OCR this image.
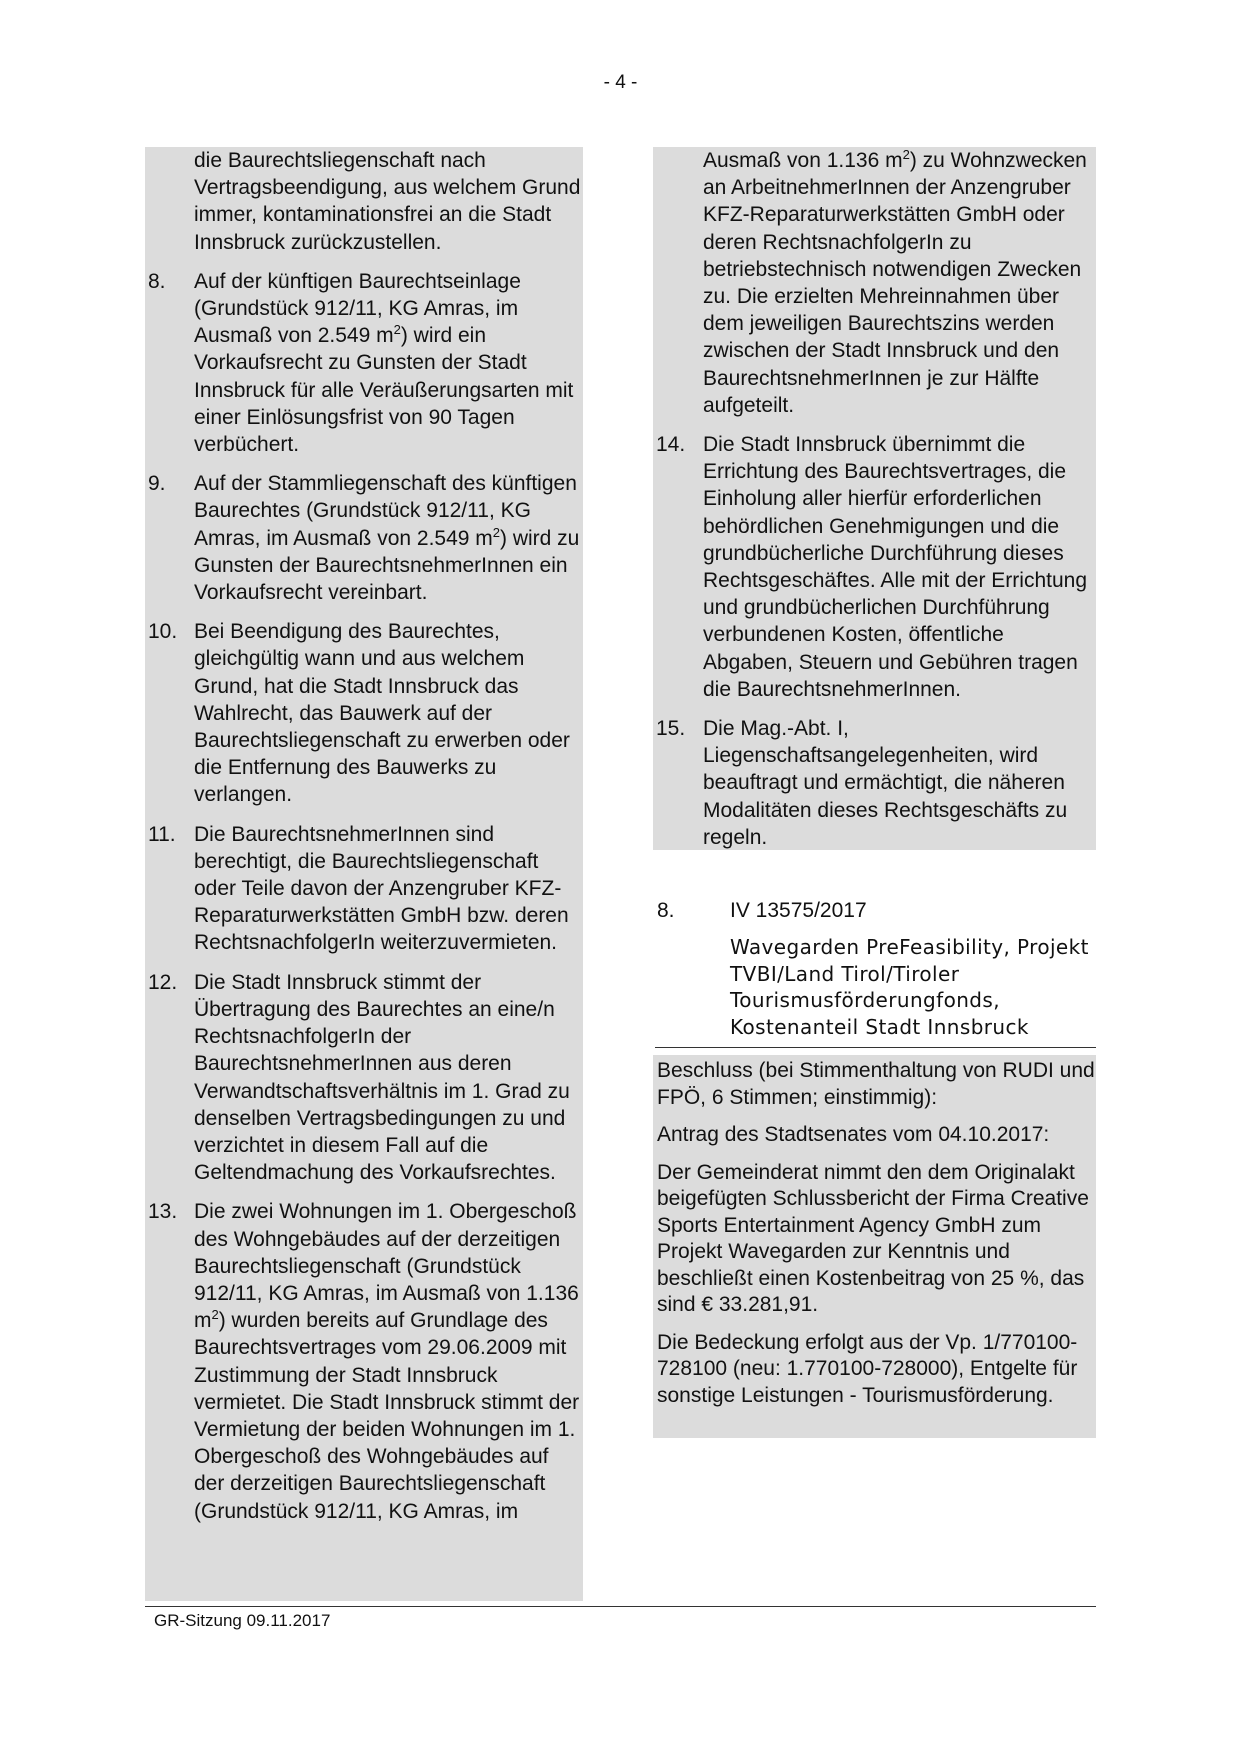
- 4 -
die Baurechtsliegenschaft nach Vertragsbeendigung, aus welchem Grund immer, kontaminationsfrei an die Stadt Innsbruck zurückzustellen.
8. Auf der künftigen Baurechtseinlage (Grundstück 912/11, KG Amras, im Ausmaß von 2.549 $m^2$) wird ein Vorkaufsrecht zu Gunsten der Stadt Innsbruck für alle Veräußerungsarten mit einer Einlösungsfrist von 90 Tagen verbüchert.
9. Auf der Stammliegenschaft des künftigen Baurechtes (Grundstück 912/11, KG Amras, im Ausmaß von 2.549 $m^2$) wird zu Gunsten der BaurechtsnehmerInnen ein Vorkaufsrecht vereinbart.
10. Bei Beendigung des Baurechtes, gleichgültig wann und aus welchem Grund, hat die Stadt Innsbruck das Wahlrecht, das Bauwerk auf der Baurechtsliegenschaft zu erwerben oder die Entfernung des Bauwerks zu verlangen.
11. Die BaurechtsnehmerInnen sind berechtigt, die Baurechtsliegenschaft oder Teile davon der Anzengruber KFZ-Reparaturwerkstätten GmbH bzw. deren RechtsnachfolgerIn weiterzuvermieten.
12. Die Stadt Innsbruck stimmt der Übertragung des Baurechtes an eine/n RechtsnachfolgerIn der BaurechtsnehmerInnen aus deren Verwandtschaftsverhältnis im 1. Grad zu denselben Vertragsbedingungen zu und verzichtet in diesem Fall auf die Geltendmachung des Vorkaufsrechtes.
13. Die zwei Wohnungen im 1. Obergeschoß des Wohngebäudes auf der derzeitigen Baurechtsliegenschaft (Grundstück 912/11, KG Amras, im Ausmaß von 1.136 $m^2$) wurden bereits auf Grundlage des Baurechtsvertrages vom 29.06.2009 mit Zustimmung der Stadt Innsbruck vermietet. Die Stadt Innsbruck stimmt der Vermietung der beiden Wohnungen im 1. Obergeschoß des Wohngebäudes auf der derzeitigen Baurechtsliegenschaft (Grundstück 912/11, KG Amras, im
Ausmaß von 1.136 $m^2$) zu Wohnzwecken an ArbeitnehmerInnen der Anzengruber KFZ-Reparaturwerkstätten GmbH oder deren RechtsnachfolgerIn zu betriebstechnisch notwendigen Zwecken zu. Die erzielten Mehreinnahmen über dem jeweiligen Baurechtszins werden zwischen der Stadt Innsbruck und den BaurechtsnehmerInnen je zur Hälfte aufgeteilt.
14. Die Stadt Innsbruck übernimmt die Errichtung des Baurechtsvertrages, die Einholung aller hierfür erforderlichen behördlichen Genehmigungen und die grundbücherliche Durchführung dieses Rechtsgeschäftes. Alle mit der Errichtung und grundbücherlichen Durchführung verbundenen Kosten, öffentliche Abgaben, Steuern und Gebühren tragen die BaurechtsnehmerInnen.
15. Die Mag.-Abt. I, Liegenschaftsangelegenheiten, wird beauftragt und ermächtigt, die näheren Modalitäten dieses Rechtsgeschäfts zu regeln.
8.	IV 13575/2017
Wavegarden PreFeasibility, Projekt TVBI/Land Tirol/Tiroler Tourismusförderungfonds, Kostenanteil Stadt Innsbruck

Beschluss (bei Stimmenthaltung von RUDI und FPÖ, 6 Stimmen; einstimmig):

Antrag des Stadtsenates vom 04.10.2017:

Der Gemeinderat nimmt den dem Originalakt beigefügten Schlussbericht der Firma Creative Sports Entertainment Agency GmbH zum Projekt Wavegarden zur Kenntnis und beschließt einen Kostenbeitrag von 25 %, das sind € 33.281,91.

Die Bedeckung erfolgt aus der Vp. 1/770100-728100 (neu: 1.770100-728000), Entgelte für sonstige Leistungen - Tourismusförderung.

GR-Sitzung 09.11.2017
